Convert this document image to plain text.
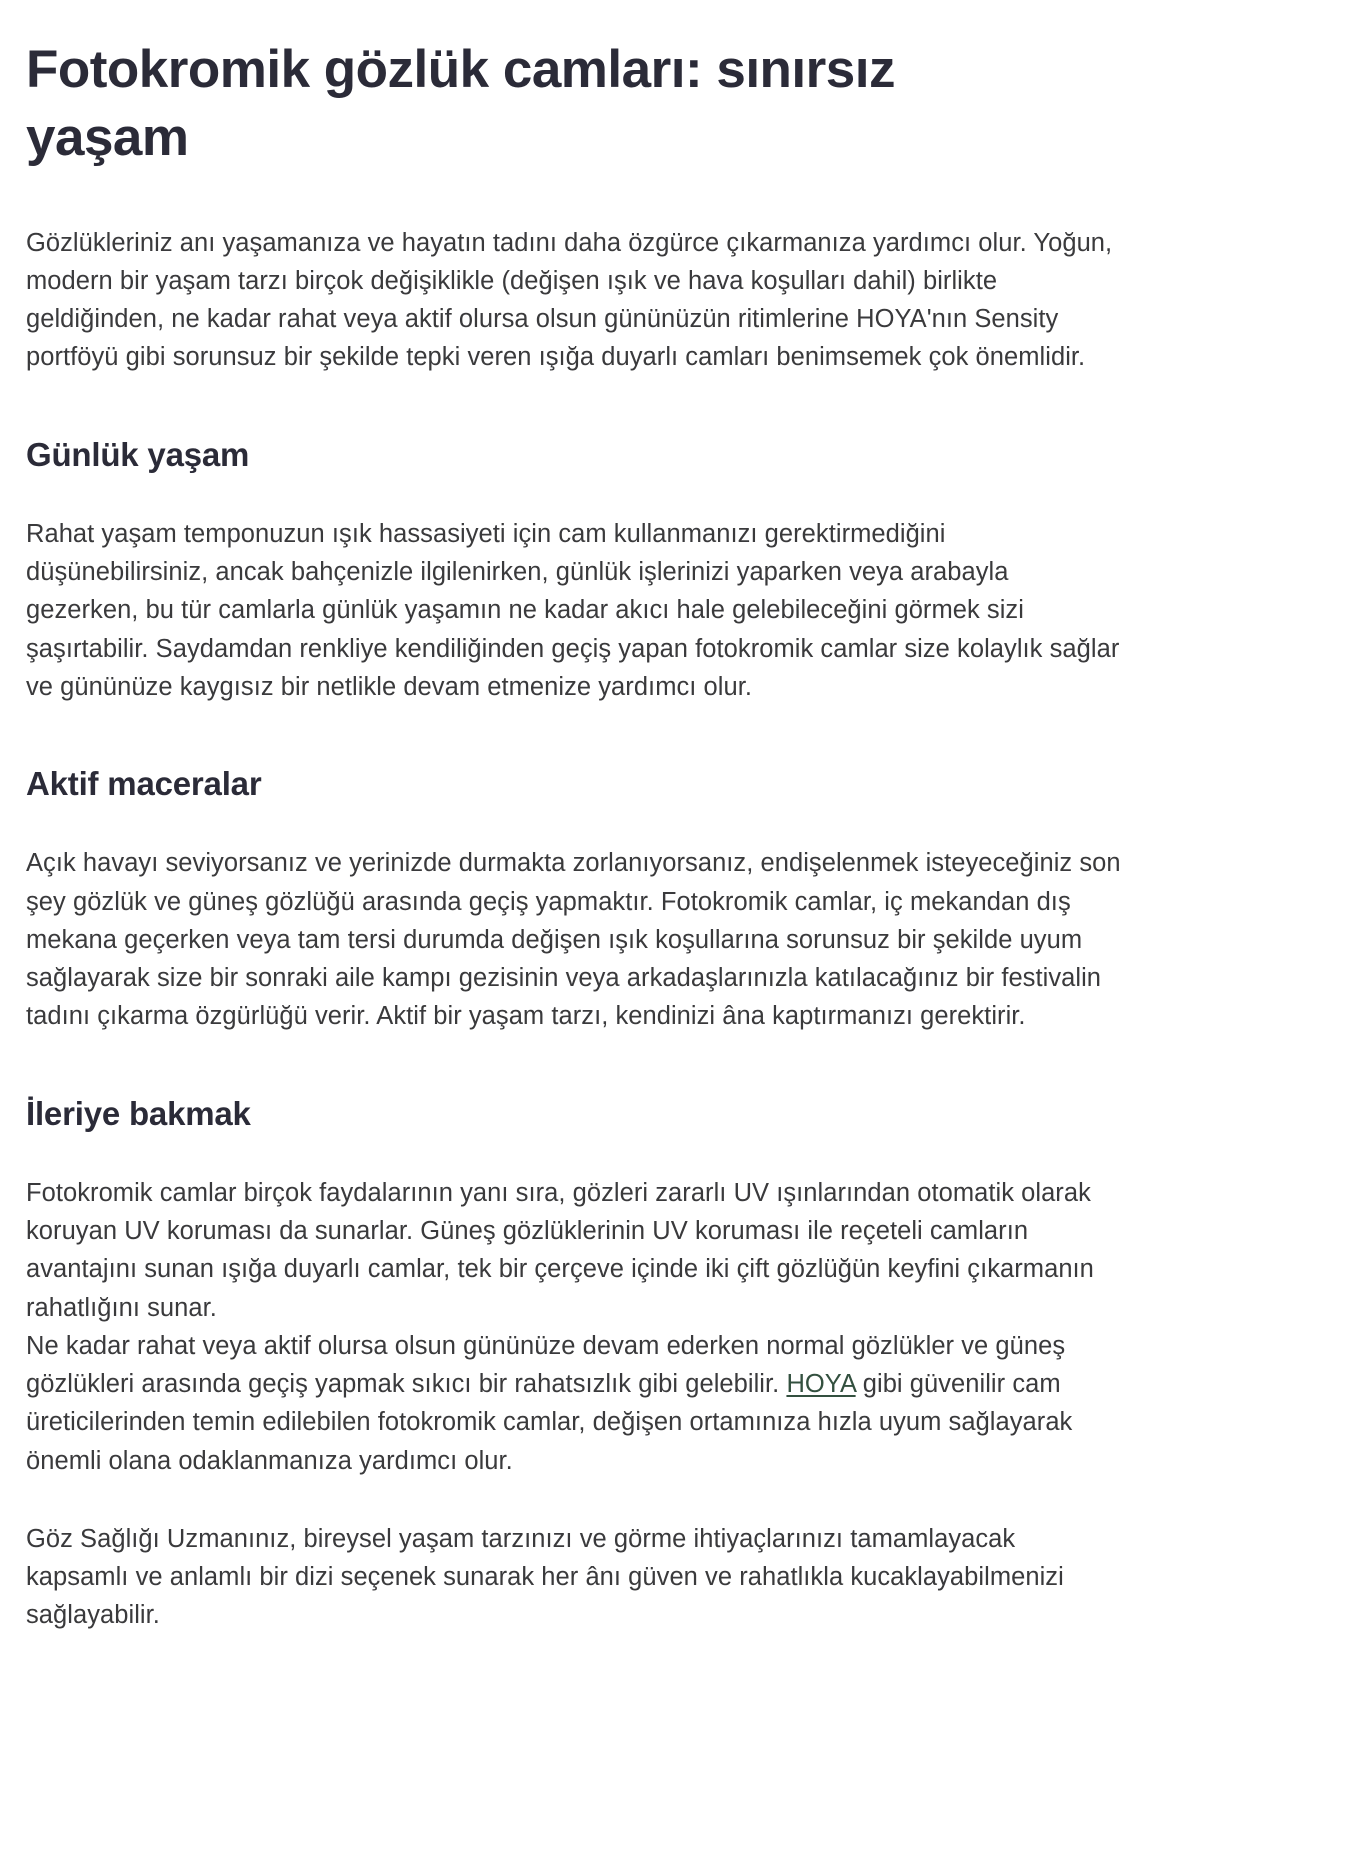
Fotokromik gözlük camları: sınırsız
yaşam

Gözlükleriniz anı yaşamanıza ve hayatın tadını daha özgürce çıkarmanıza yardımcı olur. Yoğun, modern bir yaşam tarzı birçok değişiklikle (değişen ışık ve hava koşulları dahil) birlikte geldiğinden, ne kadar rahat veya aktif olursa olsun gününüzün ritimlerine HOYA'nın Sensity portföyü gibi sorunsuz bir şekilde tepki veren ışığa duyarlı camları benimsemek çok önemlidir.

Günlük yaşam

Rahat yaşam temponuzun ışık hassasiyeti için cam kullanmanızı gerektirmediğini düşünebilirsiniz, ancak bahçenizle ilgilenirken, günlük işlerinizi yaparken veya arabayla gezerken, bu tür camlarla günlük yaşamın ne kadar akıcı hale gelebileceğini görmek sizi şaşırtabilir. Saydamdan renkliye kendiliğinden geçiş yapan fotokromik camlar size kolaylık sağlar ve gününüze kaygısız bir netlikle devam etmenize yardımcı olur.

Aktif maceralar

Açık havayı seviyorsanız ve yerinizde durmakta zorlanıyorsanız, endişelenmek isteyeceğiniz son şey gözlük ve güneş gözlüğü arasında geçiş yapmaktır. Fotokromik camlar, iç mekandan dış mekana geçerken veya tam tersi durumda değişen ışık koşullarına sorunsuz bir şekilde uyum sağlayarak size bir sonraki aile kampı gezisinin veya arkadaşlarınızla katılacağınız bir festivalin tadını çıkarma özgürlüğü verir. Aktif bir yaşam tarzı, kendinizi âna kaptırmanızı gerektirir.

İleriye bakmak

Fotokromik camlar birçok faydalarının yanı sıra, gözleri zararlı UV ışınlarından otomatik olarak koruyan UV koruması da sunarlar. Güneş gözlüklerinin UV koruması ile reçeteli camların avantajını sunan ışığa duyarlı camlar, tek bir çerçeve içinde iki çift gözlüğün keyfini çıkarmanın rahatlığını sunar.

Ne kadar rahat veya aktif olursa olsun gününüze devam ederken normal gözlükler ve güneş gözlükleri arasında geçiş yapmak sıkıcı bir rahatsızlık gibi gelebilir. HOYA gibi güvenilir cam üreticilerinden temin edilebilen fotokromik camlar, değişen ortamınıza hızla uyum sağlayarak önemli olana odaklanmanıza yardımcı olur.

Göz Sağlığı Uzmanınız, bireysel yaşam tarzınızı ve görme ihtiyaçlarınızı tamamlayacak kapsamlı ve anlamlı bir dizi seçenek sunarak her ânı güven ve rahatlıkla kucaklayabilmenizi sağlayabilir.
